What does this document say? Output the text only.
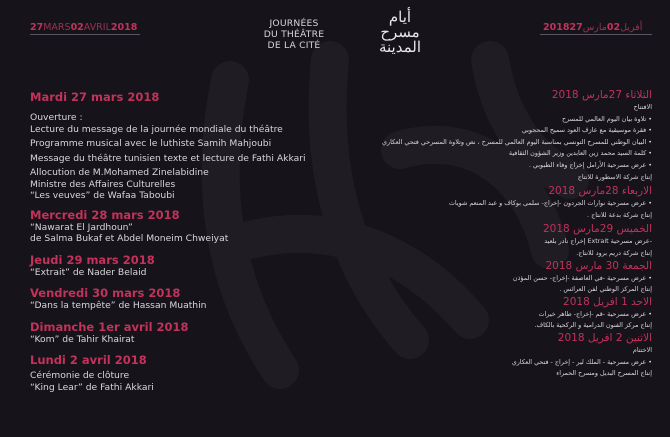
27MARS02AVRIL2018	2018	أفريل02مارس27
JOURNÉES
DU THÉÂTRE
DE LA CITÉ
أيام
مسرح
المدينة

Mardi 27 mars 2018

Ouverture :

Lecture du message de la journée mondiale du théâtre

Programme musical avec le luthiste Samih Mahjoubi

Message du théâtre tunisien texte et lecture de Fathi Akkari

Allocution de M.Mohamed Zinelabidine

Ministre des Affaires Culturelles

“Les veuves” de Wafaa Taboubi

Mercredi 28 mars 2018

“Nawarat El Jardhoun”

de Salma Bukaf et Abdel Moneim Chweiyat

Jeudi 29 mars 2018

“Extrait” de Nader Belaid

Vendredi 30 mars 2018

“Dans la tempête” de Hassan Muathin

Dimanche 1er avril 2018

“Kom” de Tahir Khairat

Lundi 2 avril 2018

Cérémonie de clôture

“King Lear” de Fathi Akkari

الثلاثاء 27مارس 2018

الافتتاح

• تلاوة بيان اليوم العالمي للمسرح

• فقرة موسيقية مع عازف العود سميح المحجوبي

• البيان الوطني للمسرح التونسي بمناسبة اليوم العالمي للمسرح ، نص وتلاوة المسرحي فتحي العكاري

• كلمة السيد محمد زين العابدين وزير الشؤون الثقافية

• عرض مسرحية الأرامل إخراج وفاء الطبوبي .

إنتاج شركة الاسطورة للانتاج

الاربعاء 28مارس 2018

• عرض مسرحية نوارات الجردون -إخراج- سلمى بوكاف و عبد المنعم شويات

إنتاج شركة بدعة للانتاج .

الخميس 29مارس 2018

-عرض مسرحية Extrait إخراج نادر بلعيد

إنتاج شركة دريم برود للانتاج.

الجمعة 30 مارس 2018

• عرض مسرحية -في العاصفة -إخراج- حسن المؤذن

إنتاج المركز الوطني لفن العرائس .

الاحد 1 افريل 2018

• عرض مسرحية -قم -إخراج- طاهر خيرات

إنتاج مركز الفنون الدرامية و الركحية بالكاف.

الاثنين 2 افريل 2018

الاختتام

• عرض مسرحية - الملك لير - إخراج - فتحي العكاري

إنتاج المسرح البديل ومسرح الحمراء
